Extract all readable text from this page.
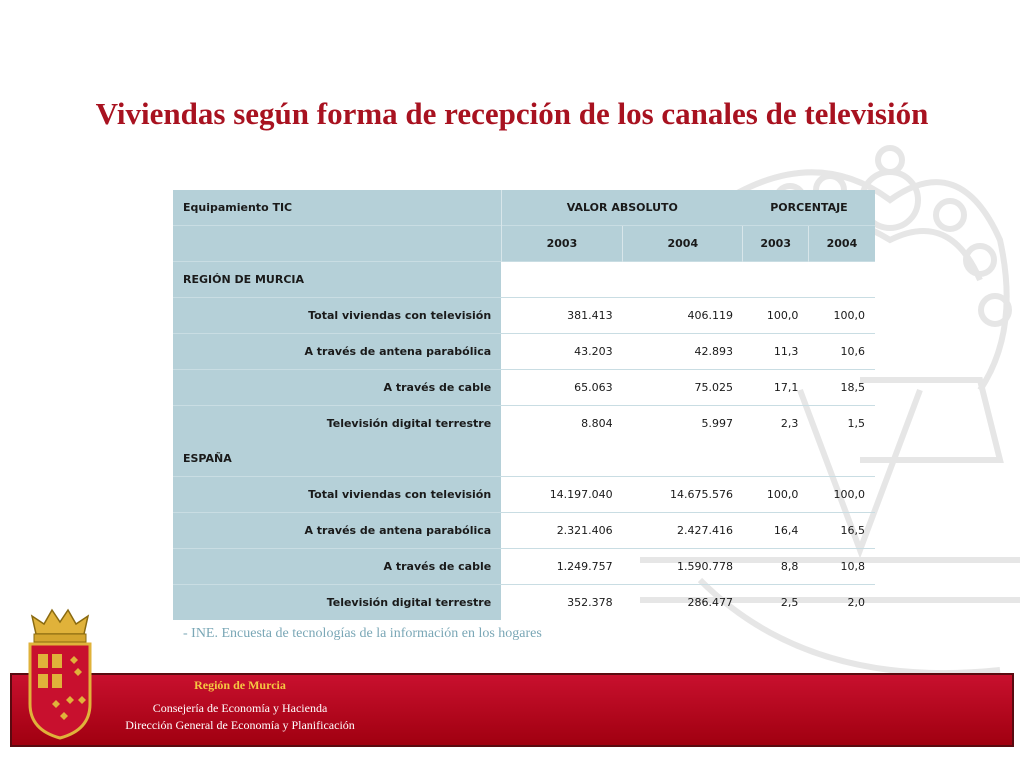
Viviendas según forma de recepción de los canales de televisión
Equipamiento TIC	VALOR ABSOLUTO		PORCENTAJE	
	2003	2004	2003	2004
REGIÓN DE MURCIA				
Total viviendas con televisión	381.413	406.119	100,0	100,0
A través de antena parabólica	43.203	42.893	11,3	10,6
A través de cable	65.063	75.025	17,1	18,5
Televisión digital terrestre	8.804	5.997	2,3	1,5
ESPAÑA				
Total viviendas con televisión	14.197.040	14.675.576	100,0	100,0
A través de antena parabólica	2.321.406	2.427.416	16,4	16,5
A través de cable	1.249.757	1.590.778	8,8	10,8
Televisión digital terrestre	352.378	286.477	2,5	2,0
- INE. Encuesta de tecnologías de la información en los hogares
Región de Murcia
Consejería de Economía y Hacienda
Dirección General de Economía y Planificación
